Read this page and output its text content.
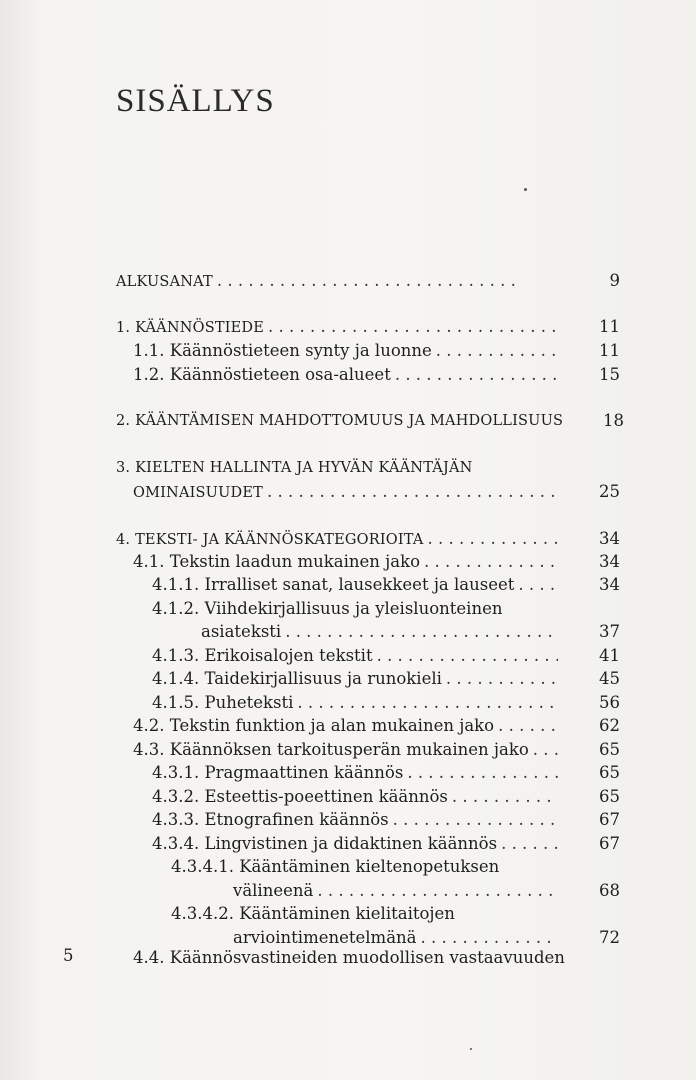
SISÄLLYS
ALKUSANAT . . .	9
1. KÄÄNNÖSTIEDE . . .	11
1.1. Käännöstieteen synty ja luonne . . .	11
1.2. Käännöstieteen osa-alueet . . .	15
2. KÄÄNTÄMISEN MAHDOTTOMUUS JA MAHDOLLISUUS	18
3. KIELTEN HALLINTA JA HYVÄN KÄÄNTÄJÄN
OMINAISUUDET . . .	25
4. TEKSTI- JA KÄÄNNÖSKATEGORIOITA . . .	34
4.1. Tekstin laadun mukainen jako . . .	34
4.1.1. Irralliset sanat, lausekkeet ja lauseet . . .	34
4.1.2. Viihdekirjallisuus ja yleisluonteinen
asiateksti . . .	37
4.1.3. Erikoisalojen tekstit . . .	41
4.1.4. Taidekirjallisuus ja runokieli . . .	45
4.1.5. Puheteksti . . .	56
4.2. Tekstin funktion ja alan mukainen jako . . .	62
4.3. Käännöksen tarkoitusperän mukainen jako . . .	65
4.3.1. Pragmaattinen käännös . . .	65
4.3.2. Esteettis-poeettinen käännös . . .	65
4.3.3. Etnografinen käännös . . .	67
4.3.4. Lingvistinen ja didaktinen käännös . . .	67
4.3.4.1. Kääntäminen kieltenopetuksen
välineenä . . .	68
4.3.4.2. Kääntäminen kielitaitojen
arviointimenetelmänä . . .	72
4.4. Käännösvastineiden muodollisen vastaavuuden
5
